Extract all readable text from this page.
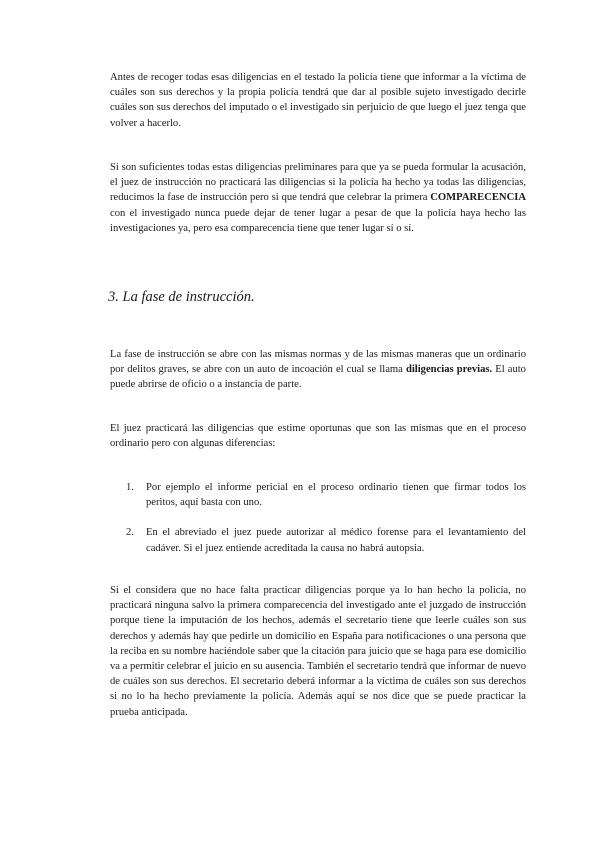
Antes de recoger todas esas diligencias en el testado la policía tiene que informar a la víctima de cuáles son sus derechos y la propia policía tendrá que dar al posible sujeto investigado decirle cuáles son sus derechos del imputado o el investigado sin perjuicio de que luego el juez tenga que volver a hacerlo.

Si son suficientes todas estas diligencias preliminares para que ya se pueda formular la acusación, el juez de instrucción no practicará las diligencias si la policía ha hecho ya todas las diligencias, reducimos la fase de instrucción pero si que tendrá que celebrar la primera COMPARECENCIA con el investigado nunca puede dejar de tener lugar a pesar de que la policía haya hecho las investigaciones ya, pero esa comparecencia tiene que tener lugar sí o sí.

3. La fase de instrucción.

La fase de instrucción se abre con las mismas normas y de las mismas maneras que un ordinario por delitos graves, se abre con un auto de incoación el cual se llama diligencias previas. El auto puede abrirse de oficio o a instancia de parte.

El juez practicará las diligencias que estime oportunas que son las mismas que en el proceso ordinario pero con algunas diferencias:

1. Por ejemplo el informe pericial en el proceso ordinario tienen que firmar todos los peritos, aquí basta con uno.
2. En el abreviado el juez puede autorizar al médico forense para el levantamiento del cadáver. Si el juez entiende acreditada la causa no habrá autopsia.

Si el considera que no hace falta practicar diligencias porque ya lo han hecho la policía, no practicará ninguna salvo la primera comparecencia del investigado ante el juzgado de instrucción porque tiene la imputación de los hechos, además el secretario tiene que leerle cuáles son sus derechos y además hay que pedirle un domicilio en España para notificaciones o una persona que la reciba en su nombre haciéndole saber que la citación para juicio que se haga para ese domicilio va a permitir celebrar el juicio en su ausencia. También el secretario tendrá que informar de nuevo de cuáles son sus derechos. El secretario deberá informar a la víctima de cuáles son sus derechos si no lo ha hecho previamente la policía. Además aquí se nos dice que se puede practicar la prueba anticipada.
